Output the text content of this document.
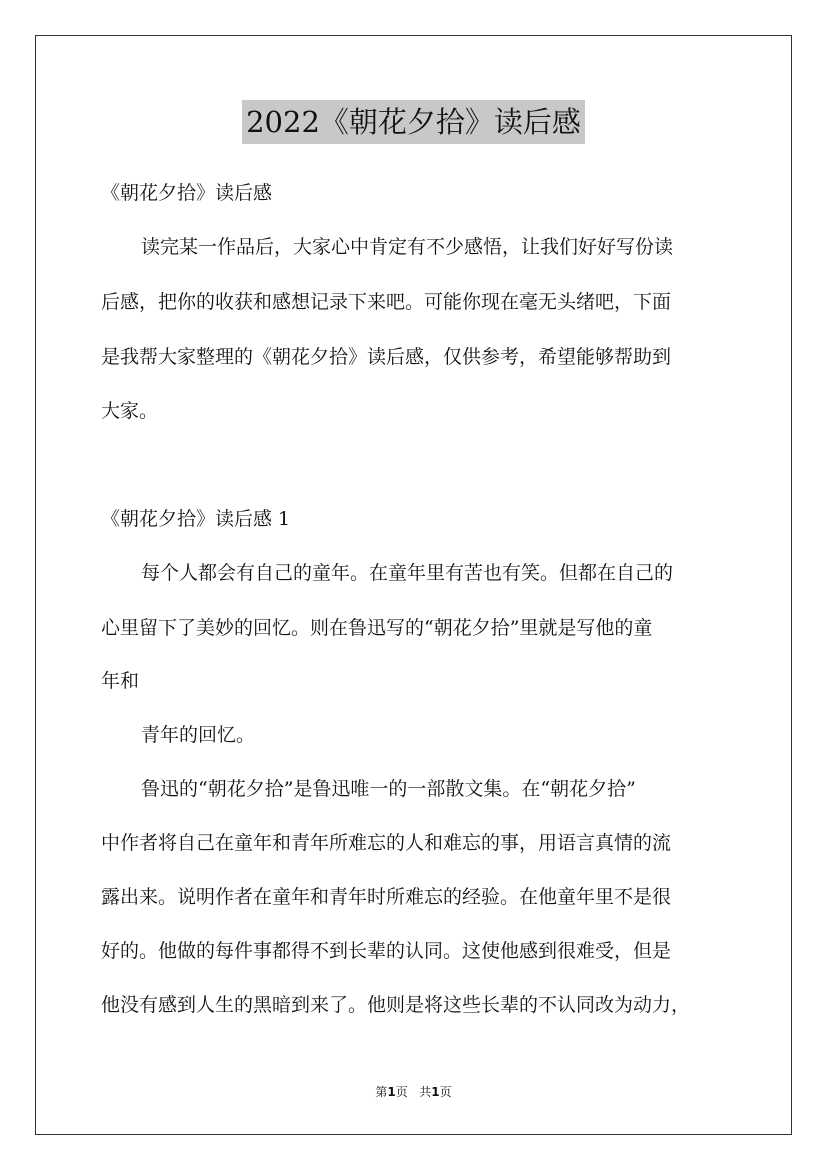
2022《朝花夕拾》读后感
《朝花夕拾》读后感
读完某一作品后，大家心中肯定有不少感悟，让我们好好写份读
后感，把你的收获和感想记录下来吧。可能你现在毫无头绪吧，下面
是我帮大家整理的《朝花夕拾》读后感，仅供参考，希望能够帮助到
大家。
《朝花夕拾》读后感 1
每个人都会有自己的童年。在童年里有苦也有笑。但都在自己的
心里留下了美妙的回忆。则在鲁迅写的“朝花夕拾”里就是写他的童
年和
青年的回忆。
鲁迅的“朝花夕拾”是鲁迅唯一的一部散文集。在“朝花夕拾”
中作者将自己在童年和青年所难忘的人和难忘的事，用语言真情的流
露出来。说明作者在童年和青年时所难忘的经验。在他童年里不是很
好的。他做的每件事都得不到长辈的认同。这使他感到很难受，但是
他没有感到人生的黑暗到来了。他则是将这些长辈的不认同改为动力，
第1页 共1页
